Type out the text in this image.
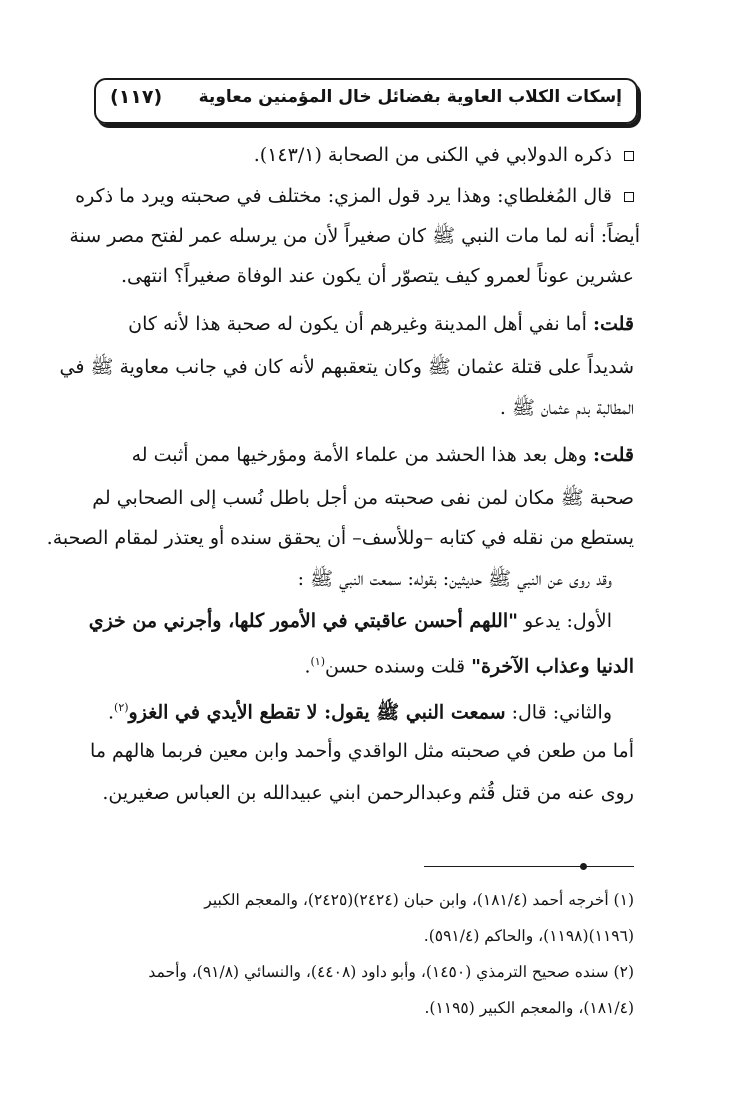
إسكات الكلاب العاوية بفضائل خال المؤمنين معاوية
(١١٧)
ذكره الدولابي في الكنى من الصحابة (١٤٣/١).
قال المُغلطاي: وهذا يرد قول المزي: مختلف في صحبته ويرد ما ذكره
أيضاً: أنه لما مات النبي ﷺ كان صغيراً لأن من يرسله عمر لفتح مصر سنة
عشرين عوناً لعمرو كيف يتصوّر أن يكون عند الوفاة صغيراً؟ انتهى.
قلت: أما نفي أهل المدينة وغيرهم أن يكون له صحبة هذا لأنه كان
شديداً على قتلة عثمان ﷺ وكان يتعقبهم لأنه كان في جانب معاوية ﷺ في
المطالبة بدم عثمان ﷺ .
قلت: وهل بعد هذا الحشد من علماء الأمة ومؤرخيها ممن أثبت له
صحبة ﷺ مكان لمن نفى صحبته من أجل باطل نُسب إلى الصحابي لم
يستطع من نقله في كتابه –وللأسف– أن يحقق سنده أو يعتذر لمقام الصحبة.
وقد روى عن النبي ﷺ حديثين: بقوله: سمعت النبي ﷺ :
الأول: يدعو "اللهم أحسن عاقبتي في الأمور كلها، وأجرني من خزي
الدنيا وعذاب الآخرة" قلت وسنده حسن$^{(١)}$.
والثاني: قال: سمعت النبي ﷺ يقول: لا تقطع الأيدي في الغزو$^{(٢)}$.
أما من طعن في صحبته مثل الواقدي وأحمد وابن معين فربما هالهم ما
روى عنه من قتل قُثم وعبدالرحمن ابني عبيدالله بن العباس صغيرين.
(١) أخرجه أحمد (١٨١/٤)، وابن حبان (٢٤٢٤)(٢٤٢٥)، والمعجم الكبير
(١١٩٦)(١١٩٨)، والحاكم (٥٩١/٤).
(٢) سنده صحيح الترمذي (١٤٥٠)، وأبو داود (٤٤٠٨)، والنسائي (٩١/٨)، وأحمد
(١٨١/٤)، والمعجم الكبير (١١٩٥).
